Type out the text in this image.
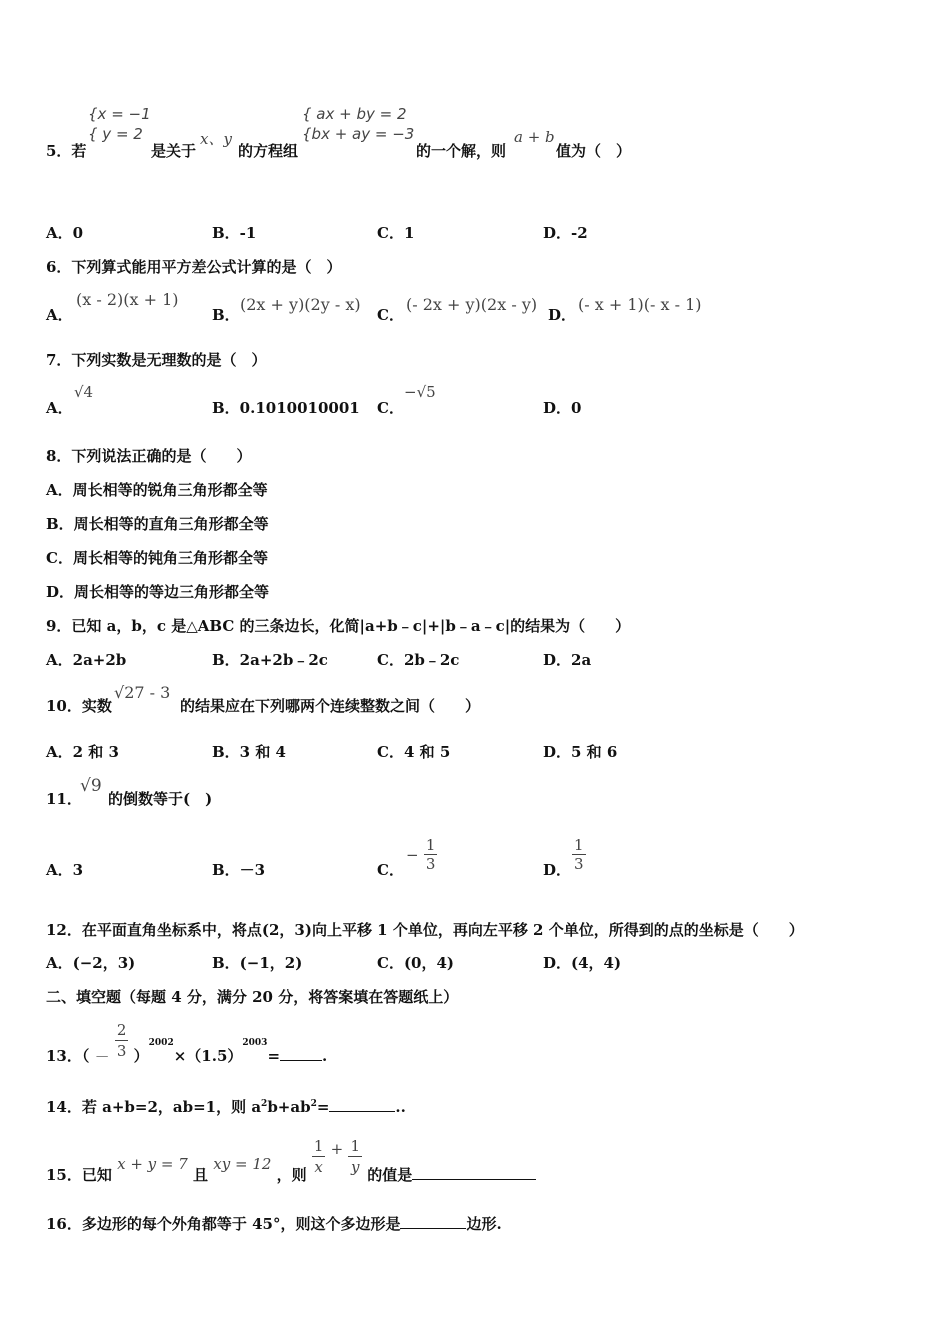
5．若
{x = −1
{ y = 2
是关于
x、y
的方程组
{ ax + by = 2
{bx + ay = −3
的一个解，则
a + b
值为（　）
A．0	B．-1	C．1	D．-2
6．下列算式能用平方差公式计算的是（　）
A．
(x - 2)(x + 1)
B．
(2x + y)(2y - x)
C．
(- 2x + y)(2x - y)
D．
(- x + 1)(- x - 1)
7．下列实数是无理数的是（　）
A．
√4
B．0.1010010001 C．
−√5
D．0
8．下列说法正确的是（　　）
A．周长相等的锐角三角形都全等
B．周长相等的直角三角形都全等
C．周长相等的钝角三角形都全等
D．周长相等的等边三角形都全等
9．已知 a，b，c 是△ABC 的三条边长，化简|a+b﹣c|+|b﹣a﹣c|的结果为（　　）
A．2a+2b	B．2a+2b﹣2c	C．2b﹣2c	D．2a
10．实数
√27 - 3
的结果应在下列哪两个连续整数之间（　　）
A．2 和 3	B．3 和 4	C．4 和 5	D．5 和 6
11．
√9
的倒数等于(　)
A．3	B．－3	C．
− $\frac{1}{3}$	D． $\frac{1}{3}$
12．在平面直角坐标系中，将点(2，3)向上平移 1 个单位，再向左平移 2 个单位，所得到的点的坐标是（　　）
A．(−2，3)	B．(−1，2)	C．(0，4)	D．(4，4)
二、填空题（每题 4 分，满分 20 分，将答案填在答题纸上）
13．（ － $\frac{2}{3} )2002\times(1.5)2003=$	.
14．若 a+b=2，ab=1，则 $a^2b+ab^2=$	..
15．已知 x + y = 7 且 xy = 12 ，则 $\frac{1}{x} + \frac{1}{y}$ 的值是
16．多边形的每个外角都等于 45°，则这个多边形是	边形.
